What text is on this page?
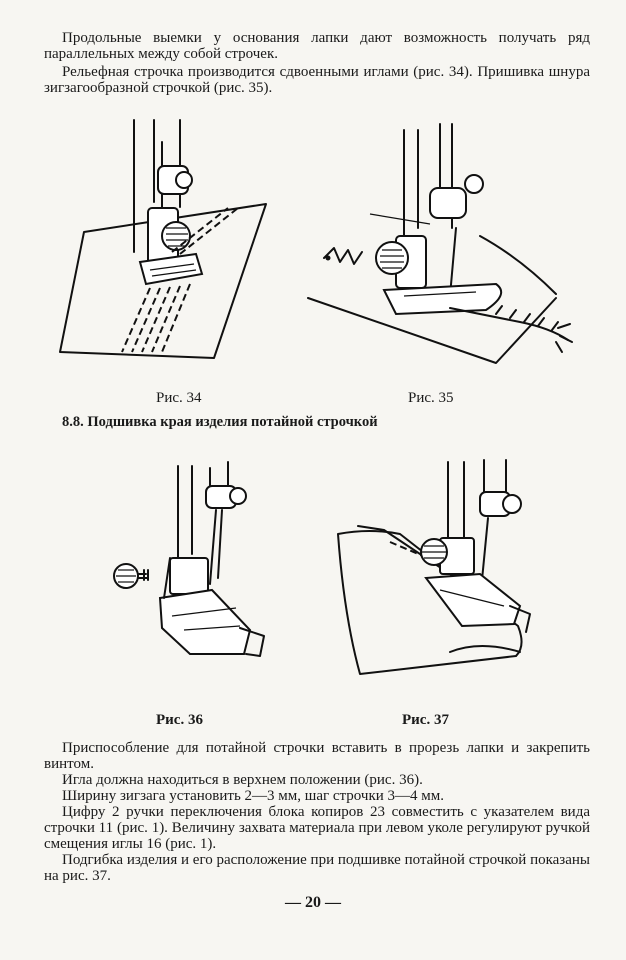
Продольные выемки у основания лапки дают возможность получать ряд параллельных между собой строчек.

Рельефная строчка производится сдвоенными иглами (рис. 34). Пришивка шнура зигзагообразной строчкой (рис. 35).

Рис. 34	Рис. 35

8.8. Подшивка края изделия потайной строчкой

Рис. 36	Рис. 37

Приспособление для потайной строчки вставить в прорезь лапки и закрепить винтом.

Игла должна находиться в верхнем положении (рис. 36).

Ширину зигзага установить 2—3 мм, шаг строчки 3—4 мм.

Цифру 2 ручки переключения блока копиров 23 совместить с указателем вида строчки 11 (рис. 1). Величину захвата материала при левом уколе регулируют ручкой смещения иглы 16 (рис. 1).

Подгибка изделия и его расположение при подшивке потайной строчкой показаны на рис. 37.

— 20 —
